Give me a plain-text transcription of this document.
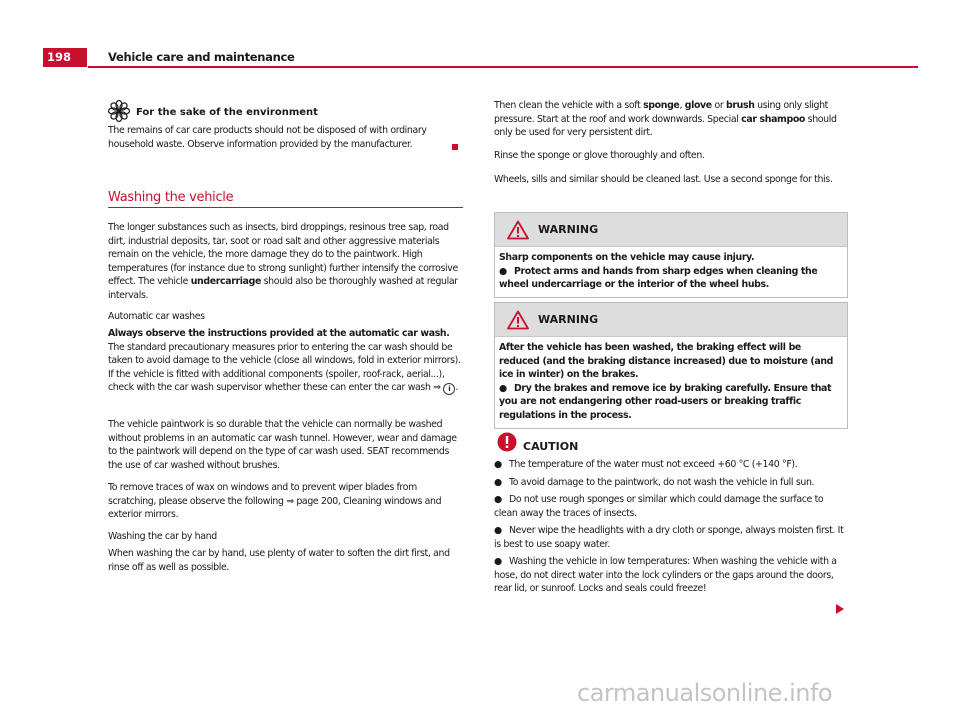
198	Vehicle care and maintenance
For the sake of the environment
The remains of car care products should not be disposed of with ordinary household waste. Observe information provided by the manufacturer.
Washing the vehicle

The longer substances such as insects, bird droppings, resinous tree sap, road dirt, industrial deposits, tar, soot or road salt and other aggressive materials remain on the vehicle, the more damage they do to the paintwork. High temperatures (for instance due to strong sunlight) further intensify the corrosive effect. The vehicle undercarriage should also be thoroughly washed at regular intervals.

Automatic car washes

Always observe the instructions provided at the automatic car wash. The standard precautionary measures prior to entering the car wash should be taken to avoid damage to the vehicle (close all windows, fold in exterior mirrors). If the vehicle is fitted with additional components (spoiler, roof-rack, aerial...), check with the car wash supervisor whether these can enter the car wash ⇒ i .

The vehicle paintwork is so durable that the vehicle can normally be washed without problems in an automatic car wash tunnel. However, wear and damage to the paintwork will depend on the type of car wash used. SEAT recommends the use of car washed without brushes.

To remove traces of wax on windows and to prevent wiper blades from scratching, please observe the following ⇒ page 200, Cleaning windows and exterior mirrors.

Washing the car by hand

When washing the car by hand, use plenty of water to soften the dirt first, and rinse off as well as possible.

Then clean the vehicle with a soft sponge, glove or brush using only slight pressure. Start at the roof and work downwards. Special car shampoo should only be used for very persistent dirt.

Rinse the sponge or glove thoroughly and often.

Wheels, sills and similar should be cleaned last. Use a second sponge for this.

WARNING

Sharp components on the vehicle may cause injury.

● Protect arms and hands from sharp edges when cleaning the wheel undercarriage or the interior of the wheel hubs.

WARNING

After the vehicle has been washed, the braking effect will be reduced (and the braking distance increased) due to moisture (and ice in winter) on the brakes.

● Dry the brakes and remove ice by braking carefully. Ensure that you are not endangering other road-users or breaking traffic regulations in the process.

CAUTION

● The temperature of the water must not exceed +60 °C (+140 °F).

● To avoid damage to the paintwork, do not wash the vehicle in full sun.

● Do not use rough sponges or similar which could damage the surface to clean away the traces of insects.

● Never wipe the headlights with a dry cloth or sponge, always moisten first. It is best to use soapy water.

● Washing the vehicle in low temperatures: When washing the vehicle with a hose, do not direct water into the lock cylinders or the gaps around the doors, rear lid, or sunroof. Locks and seals could freeze!

carmanualsonline.info
